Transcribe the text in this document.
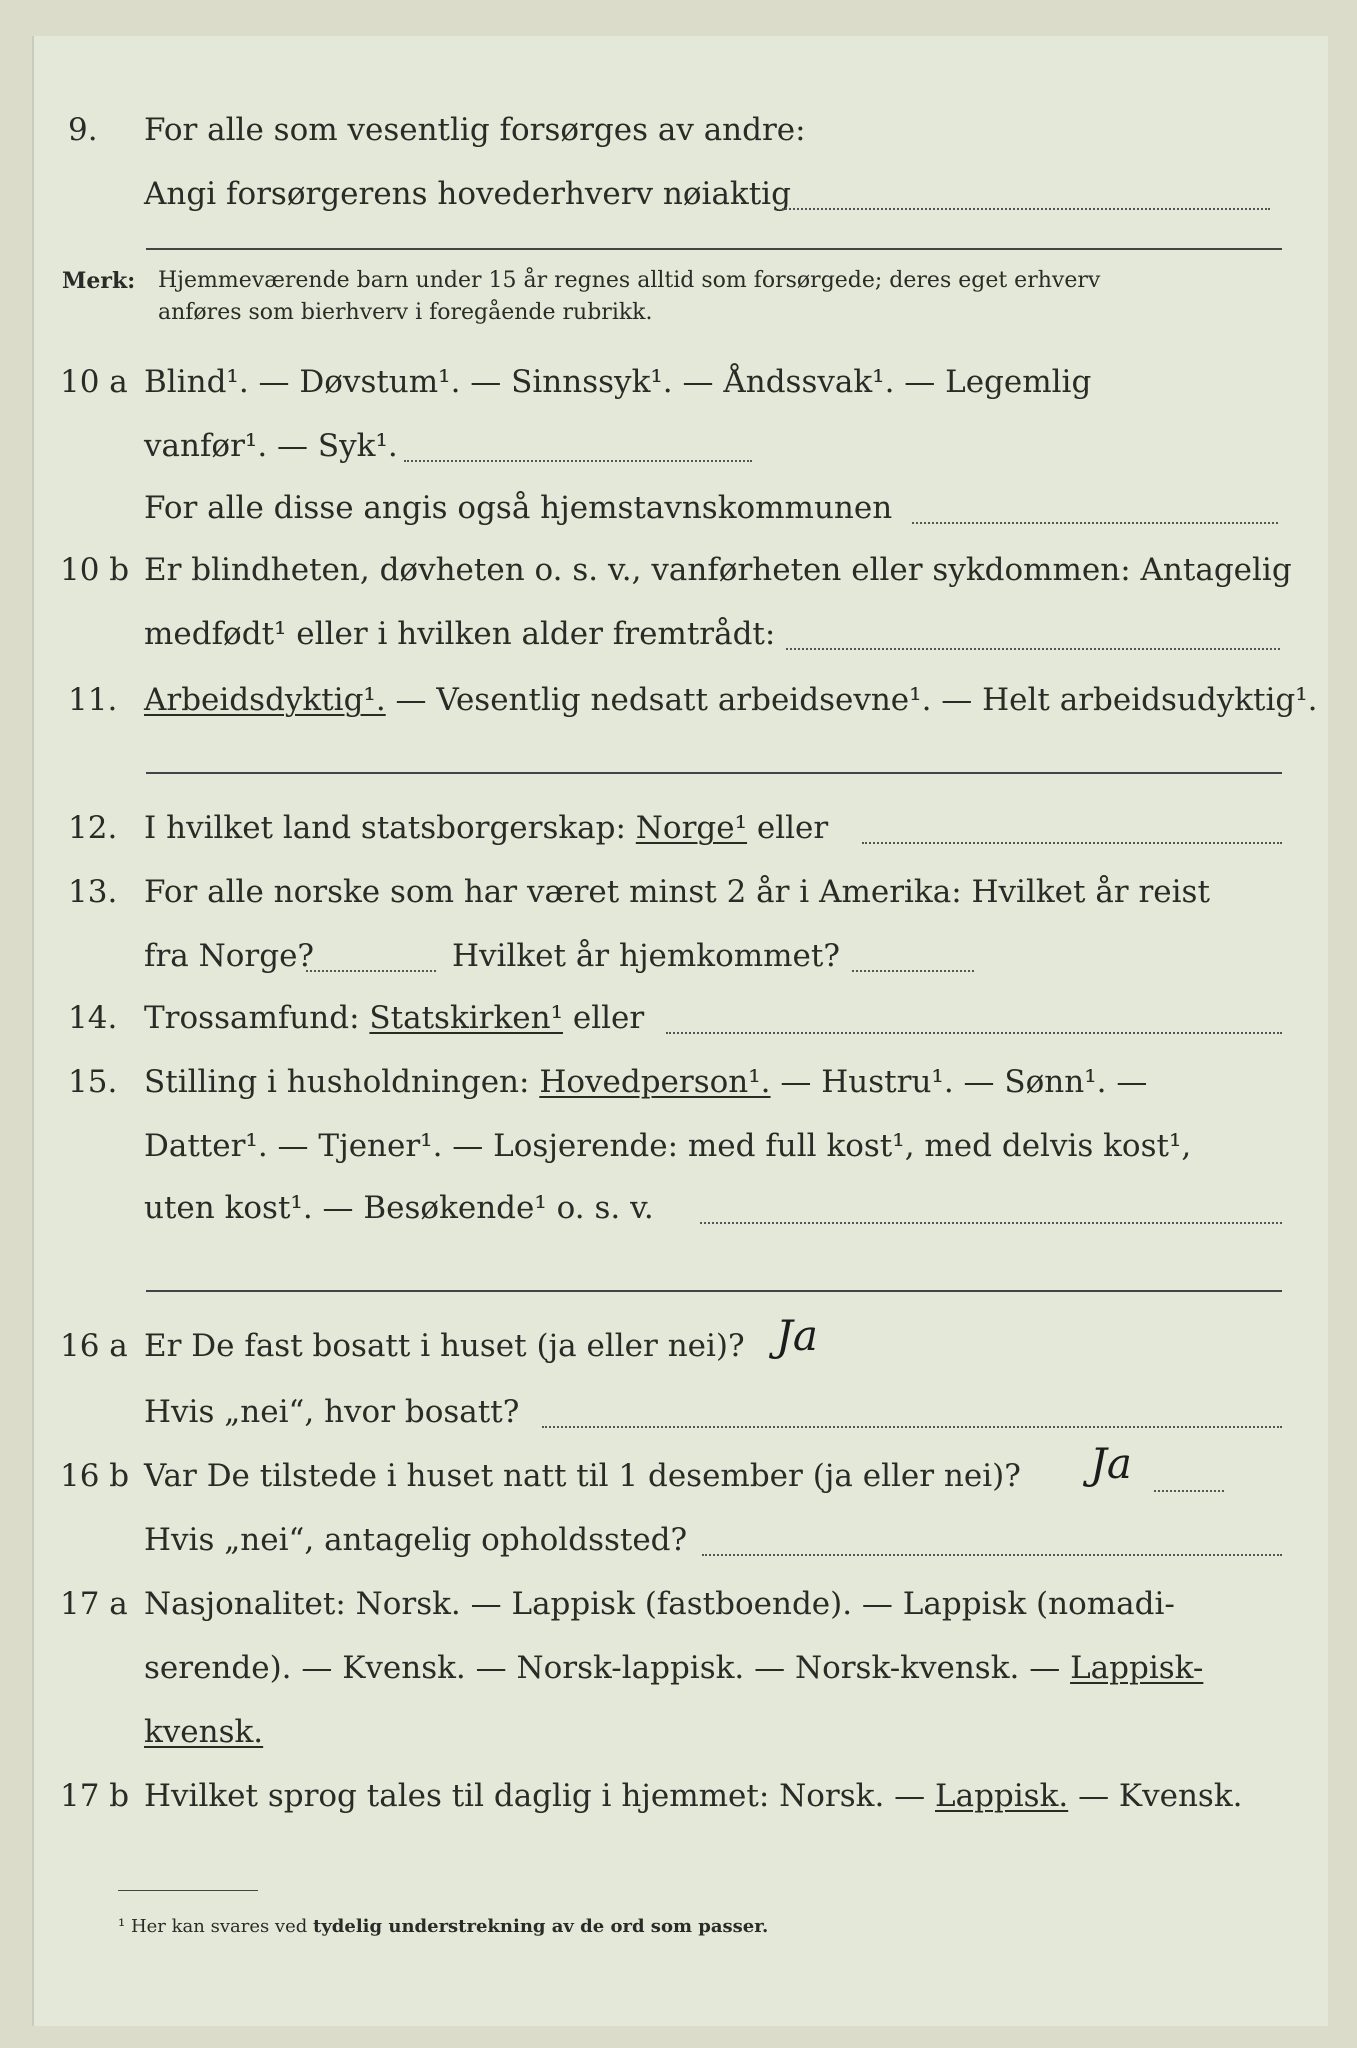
9. For alle som vesentlig forsørges av andre:
Angi forsørgerens hovederhverv nøiaktig
Merk: Hjemmeværende barn under 15 år regnes alltid som forsørgede; deres eget erhverv
anføres som bierhverv i foregående rubrikk.
10 a Blind¹. — Døvstum¹. — Sinnssyk¹. — Åndssvak¹. — Legemlig
vanfør¹. — Syk¹.
For alle disse angis også hjemstavnskommunen
10 b Er blindheten, døvheten o. s. v., vanførheten eller sykdommen: Antagelig
medfødt¹ eller i hvilken alder fremtrådt:
11. Arbeidsdyktig¹. — Vesentlig nedsatt arbeidsevne¹. — Helt arbeidsudyktig¹.
12. I hvilket land statsborgerskap: Norge¹ eller
13. For alle norske som har været minst 2 år i Amerika: Hvilket år reist
fra Norge?	Hvilket år hjemkommet?
14. Trossamfund: Statskirken¹ eller
15. Stilling i husholdningen: Hovedperson¹. — Hustru¹. — Sønn¹. —
Datter¹. — Tjener¹. — Losjerende: med full kost¹, med delvis kost¹,
uten kost¹. — Besøkende¹ o. s. v.
16 a Er De fast bosatt i huset (ja eller nei)? Ja
Hvis „nei“, hvor bosatt?
16 b Var De tilstede i huset natt til 1 desember (ja eller nei)? Ja
Hvis „nei“, antagelig opholdssted?
17 a Nasjonalitet: Norsk. — Lappisk (fastboende). — Lappisk (nomadi-
serende). — Kvensk. — Norsk-lappisk. — Norsk-kvensk. — Lappisk-
kvensk.
17 b Hvilket sprog tales til daglig i hjemmet: Norsk. — Lappisk. — Kvensk.
¹ Her kan svares ved tydelig understrekning av de ord som passer.
